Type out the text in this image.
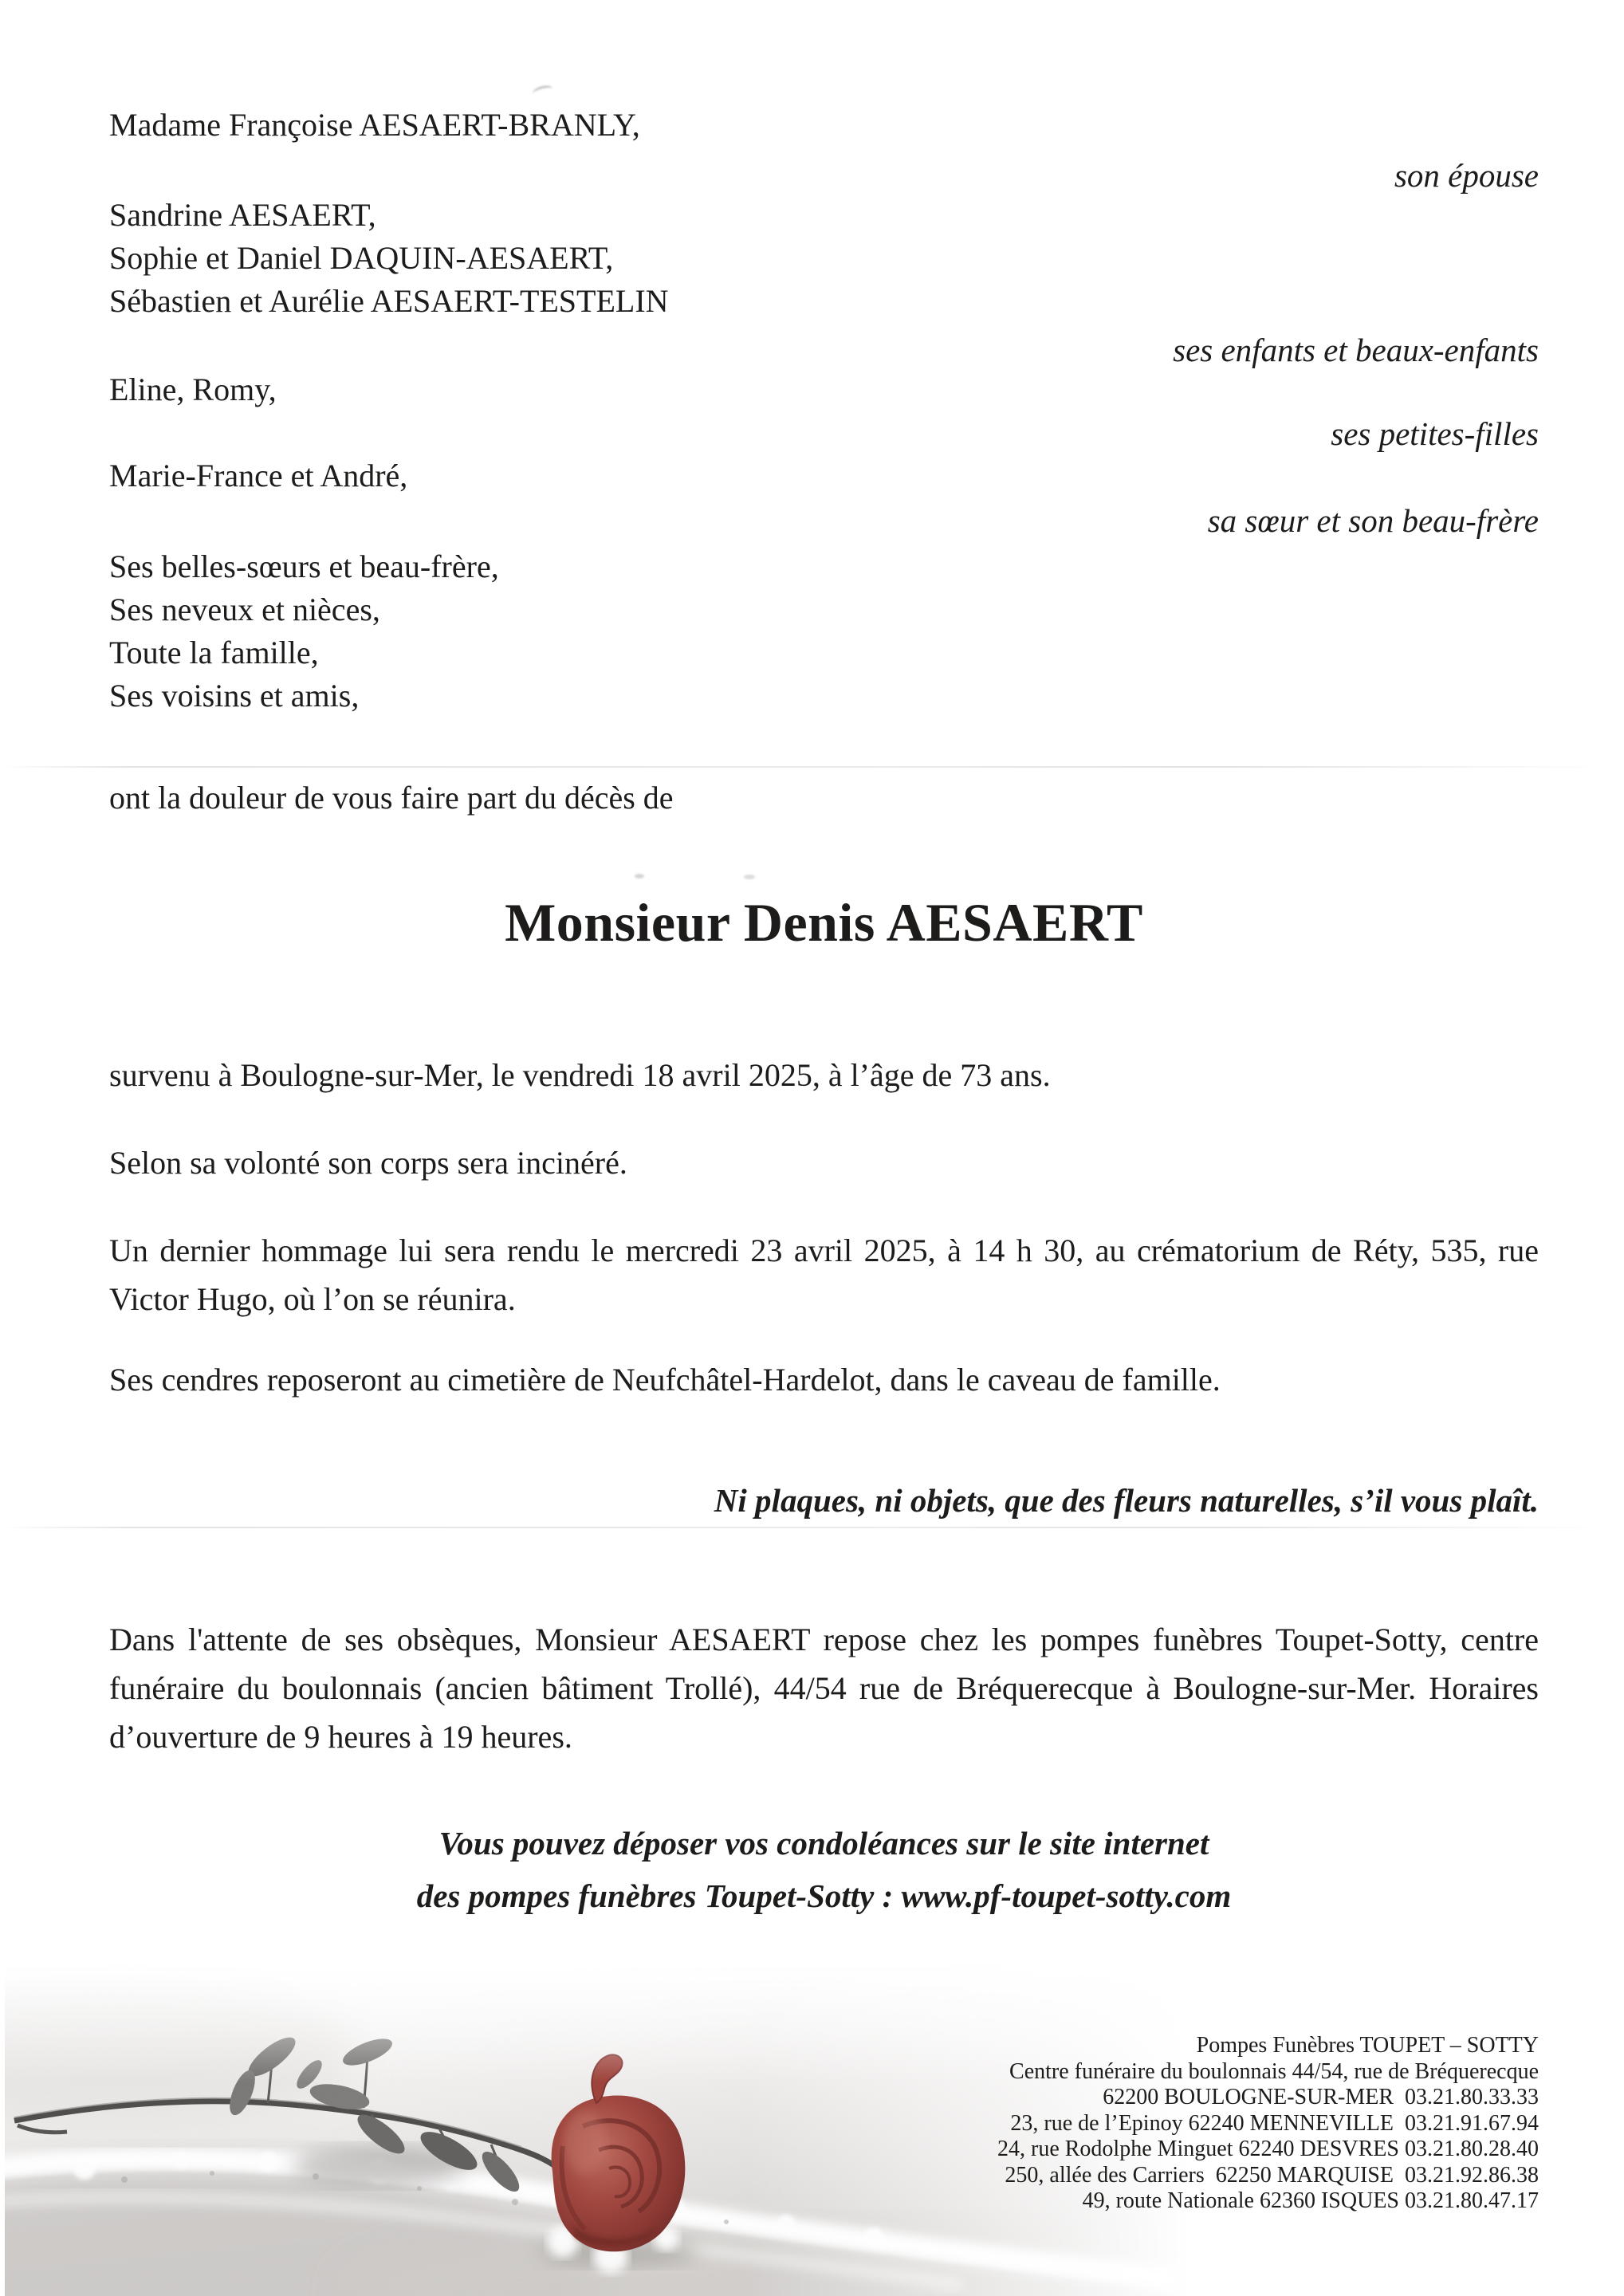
Madame Françoise AESAERT-BRANLY,
Sandrine AESAERT,
Sophie et Daniel DAQUIN-AESAERT,
Sébastien et Aurélie AESAERT-TESTELIN
Eline, Romy,
Marie-France et André,
Ses belles-sœurs et beau-frère,
Ses neveux et nièces,
Toute la famille,
Ses voisins et amis,
son épouse
ses enfants et beaux-enfants
ses petites-filles
sa sœur et son beau-frère
ont la douleur de vous faire part du décès de
Monsieur Denis AESAERT
survenu à Boulogne-sur-Mer, le vendredi 18 avril 2025, à l’âge de 73 ans.
Selon sa volonté son corps sera incinéré.
Un dernier hommage lui sera rendu le mercredi 23 avril 2025, à 14 h 30, au crématorium de Réty, 535, rue Victor Hugo, où l’on se réunira.
Ses cendres reposeront au cimetière de Neufchâtel-Hardelot, dans le caveau de famille.
Ni plaques, ni objets, que des fleurs naturelles, s’il vous plaît.
Dans l'attente de ses obsèques, Monsieur AESAERT repose chez les pompes funèbres Toupet-Sotty, centre funéraire du boulonnais (ancien bâtiment Trollé), 44/54 rue de Bréquerecque à Boulogne-sur-Mer. Horaires d’ouverture de 9 heures à 19 heures.
Vous pouvez déposer vos condoléances sur le site internet
des pompes funèbres Toupet-Sotty : www.pf-toupet-sotty.com
Pompes Funèbres TOUPET – SOTTY
Centre funéraire du boulonnais 44/54, rue de Bréquerecque
62200 BOULOGNE-SUR-MER  03.21.80.33.33
23, rue de l’Epinoy 62240 MENNEVILLE  03.21.91.67.94
24, rue Rodolphe Minguet 62240 DESVRES 03.21.80.28.40
250, allée des Carriers  62250 MARQUISE  03.21.92.86.38
49, route Nationale 62360 ISQUES 03.21.80.47.17
